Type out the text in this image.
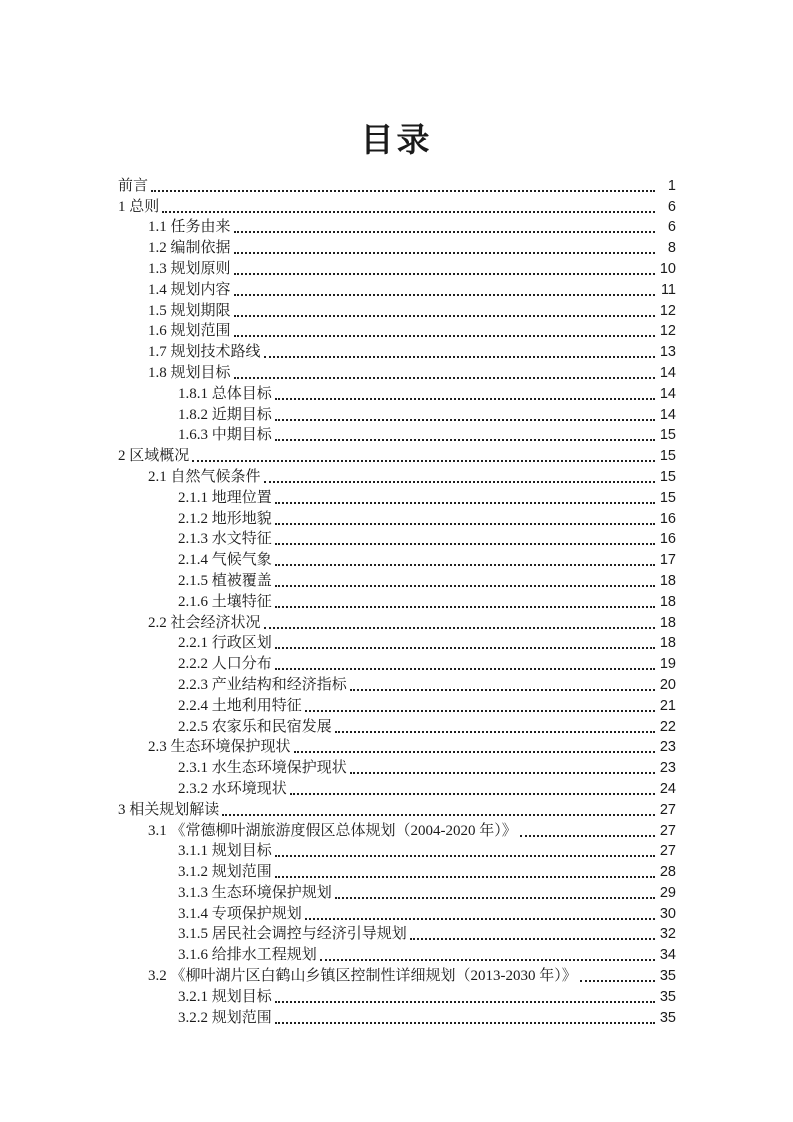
目录
前言	1
1 总则	6
1.1 任务由来	6
1.2 编制依据	8
1.3 规划原则	10
1.4 规划内容	11
1.5 规划期限	12
1.6 规划范围	12
1.7 规划技术路线	13
1.8 规划目标	14
1.8.1 总体目标	14
1.8.2 近期目标	14
1.6.3 中期目标	15
2 区域概况	15
2.1 自然气候条件	15
2.1.1 地理位置	15
2.1.2 地形地貌	16
2.1.3 水文特征	16
2.1.4 气候气象	17
2.1.5 植被覆盖	18
2.1.6 土壤特征	18
2.2 社会经济状况	18
2.2.1 行政区划	18
2.2.2 人口分布	19
2.2.3 产业结构和经济指标	20
2.2.4 土地利用特征	21
2.2.5 农家乐和民宿发展	22
2.3 生态环境保护现状	23
2.3.1 水生态环境保护现状	23
2.3.2 水环境现状	24
3 相关规划解读	27
3.1 《常德柳叶湖旅游度假区总体规划（2004-2020 年）》	27
3.1.1 规划目标	27
3.1.2 规划范围	28
3.1.3 生态环境保护规划	29
3.1.4 专项保护规划	30
3.1.5 居民社会调控与经济引导规划	32
3.1.6 给排水工程规划	34
3.2 《柳叶湖片区白鹤山乡镇区控制性详细规划（2013-2030 年）》	35
3.2.1 规划目标	35
3.2.2 规划范围	35
